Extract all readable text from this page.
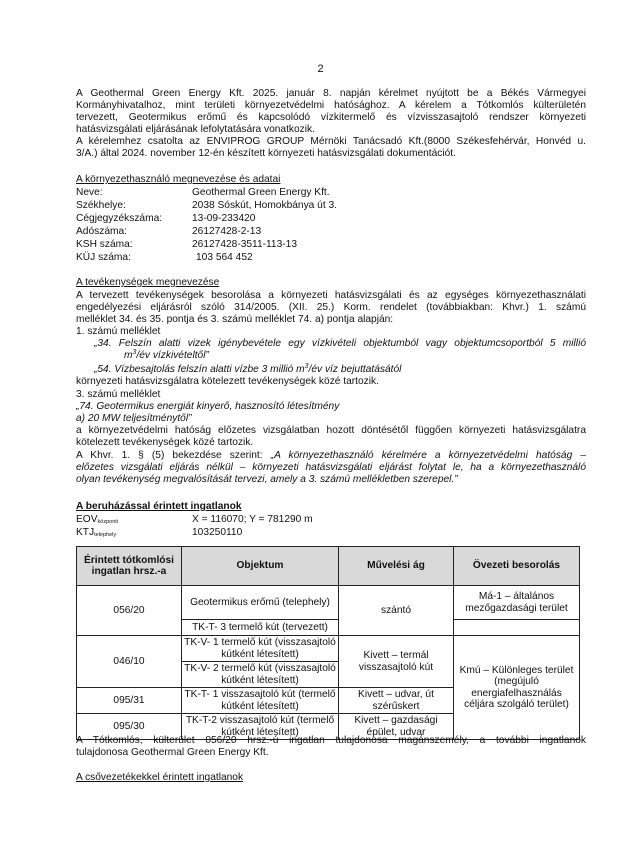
2
A Geothermal Green Energy Kft. 2025. január 8. napján kérelmet nyújtott be a Békés Vármegyei
Kormányhivatalhoz, mint területi környezetvédelmi hatósághoz. A kérelem a Tótkomlós külterületén
tervezett, Geotermikus erőmű és kapcsolódó vízkitermelő és vízvisszasajtoló rendszer környezeti
hatásvizsgálati eljárásának lefolytatására vonatkozik.
A kérelemhez csatolta az ENVIPROG GROUP Mérnöki Tanácsadó Kft.(8000 Székesfehérvár, Honvéd u.
3/A.) által 2024. november 12-én készített környezeti hatásvizsgálati dokumentációt.
A környezethasználó megnevezése és adatai
Neve:	Geothermal Green Energy Kft.
Székhelye:	2038 Sóskút, Homokbánya út 3.
Cégjegyzékszáma:	13-09-233420
Adószáma:	26127428-2-13
KSH száma:	26127428-3511-113-13
KÜJ száma:	103 564 452
A tevékenységek megnevezése
A tervezett tevékenységek besorolása a környezeti hatásvizsgálati és az egységes környezethasználati
engedélyezési eljárásról szóló 314/2005. (XII. 25.) Korm. rendelet (továbbiakban: Khvr.) 1. számú
melléklet 34. és 35. pontja és 3. számú melléklet 74. a) pontja alapján:
1. számú melléklet
„34. Felszín alatti vizek igénybevétele egy vízkivételi objektumból vagy objektumcsoportból 5 millió
$m^3/év$ vízkivételtől”
„54. Vízbesajtolás felszín alatti vízbe 3 millió $m^3/év$ víz bejuttatásától
környezeti hatásvizsgálatra kötelezett tevékenységek közé tartozik.
3. számú melléklet
„74. Geotermikus energiát kinyerő, hasznosító létesítmény
a) 20 MW teljesítménytől”
a környezetvédelmi hatóság előzetes vizsgálatban hozott döntésétől függően környezeti hatásvizsgálatra
kötelezett tevékenységek közé tartozik.
A Khvr. 1. § (5) bekezdése szerint: „A környezethasználó kérelmére a környezetvédelmi hatóság –
előzetes vizsgálati eljárás nélkül – környezeti hatásvizsgálati eljárást folytat le, ha a környezethasználó
olyan tevékenység megvalósítását tervezi, amely a 3. számú mellékletben szerepel.”
A beruházással érintett ingatlanok
$EOV_{központi}$	X = 116070; Y = 781290 m
$KTJ_{telephely}$	103250110
Érintett tótkomlósi ingatlan hrsz.-a	Objektum	Művelési ág	Övezeti besorolás
056/20	Geotermikus erőmű (telephely)	szántó	Má-1 – általános mezőgazdasági terület
	TK-T- 3 termelő kút (tervezett)		
046/10	TK-V- 1 termelő kút (visszasajtoló kútként létesített)	Kivett – termál visszasajtoló kút	Kmú – Különleges terület (megújuló energiafelhasználás céljára szolgáló terület)
	TK-V- 2 termelő kút (visszasajtoló kútként létesített)		
095/31	TK-T- 1 visszasajtoló kút (termelő kútként létesített)	Kivett – udvar, út szérűskert	
095/30	TK-T-2 visszasajtoló kút (termelő kútként létesített)	Kivett – gazdasági épület, udvar	
A Tótkomlós, külterület 056/20 hrsz.-ú ingatlan tulajdonosa magánszemély, a további ingatlanok
tulajdonosa Geothermal Green Energy Kft.
A csővezetékekkel érintett ingatlanok
